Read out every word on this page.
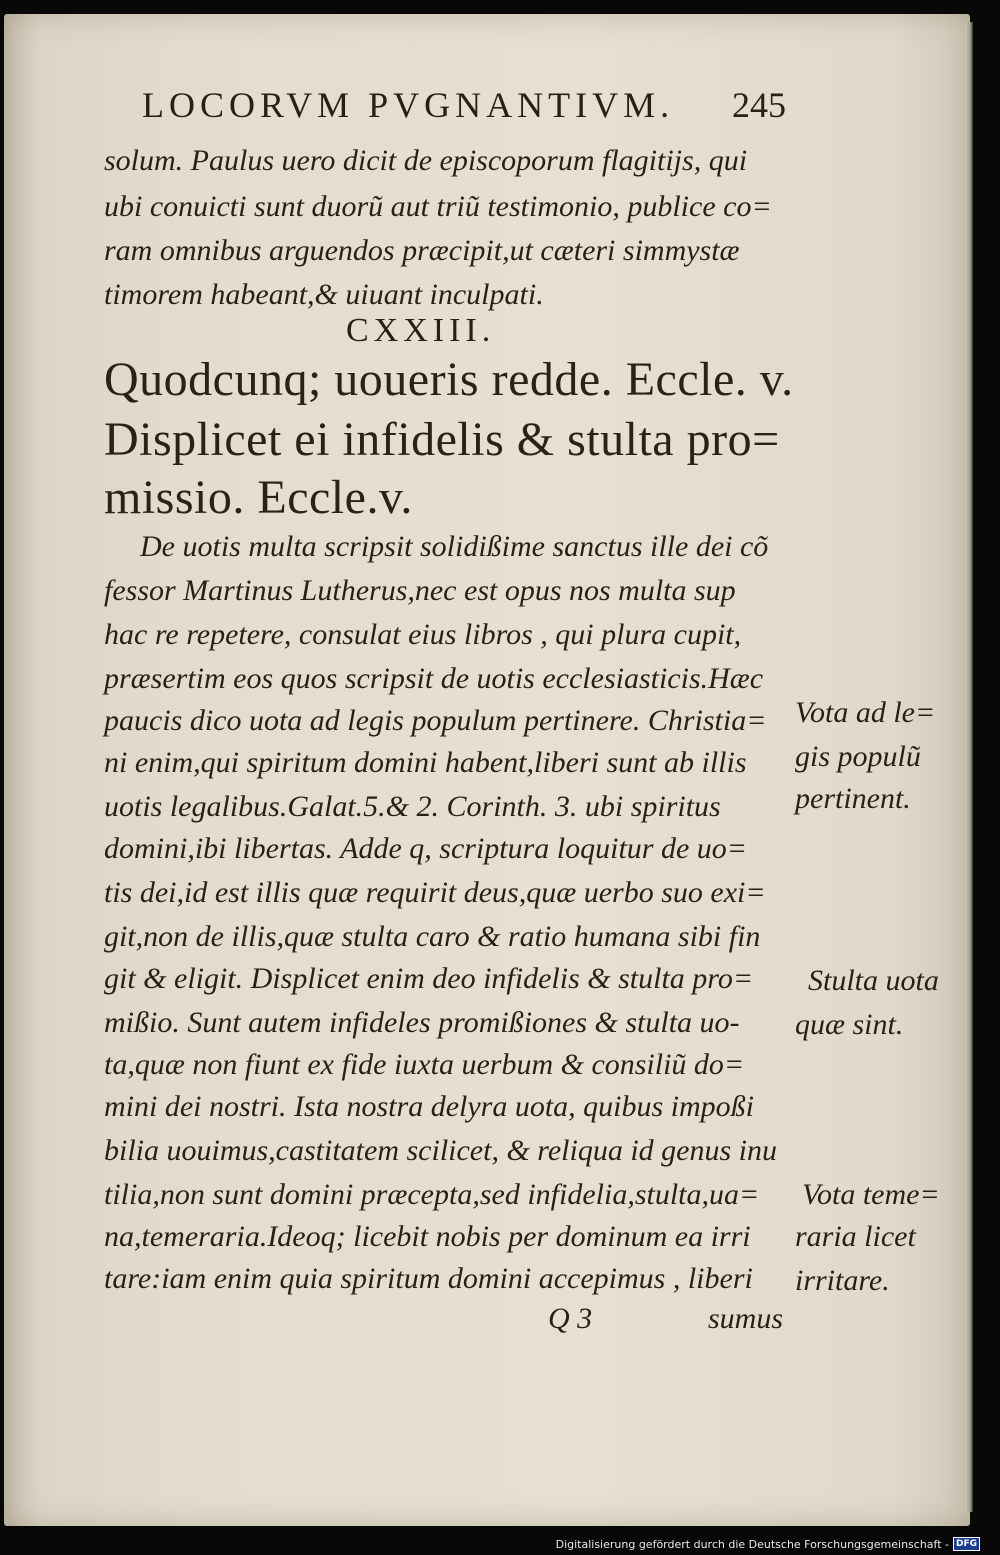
LOCORVM PVGNANTIVM. 245
solum. Paulus uero dicit de episcoporum flagitijs, qui
ubi conuicti sunt duorũ aut triũ testimonio, publice co=
ram omnibus arguendos præcipit,ut cæteri simmystæ
timorem habeant,& uiuant inculpati.
CXXIII.
Quodcunq; uoueris redde. Eccle. v.
Displicet ei infidelis & stulta pro=
missio. Eccle.v.
De uotis multa scripsit solidißime sanctus ille dei cõ
fessor Martinus Lutherus,nec est opus nos multa sup
hac re repetere, consulat eius libros , qui plura cupit,
præsertim eos quos scripsit de uotis ecclesiasticis.Hæc
paucis dico uota ad legis populum pertinere. Christia=
ni enim,qui spiritum domini habent,liberi sunt ab illis
uotis legalibus.Galat.5.& 2. Corinth. 3. ubi spiritus
domini,ibi libertas. Adde q, scriptura loquitur de uo=
tis dei,id est illis quæ requirit deus,quæ uerbo suo exi=
git,non de illis,quæ stulta caro & ratio humana sibi fin
git & eligit. Displicet enim deo infidelis & stulta pro=
mißio. Sunt autem infideles promißiones & stulta uo-
ta,quæ non fiunt ex fide iuxta uerbum & consiliũ do=
mini dei nostri. Ista nostra delyra uota, quibus impoßi
bilia uouimus,castitatem scilicet, & reliqua id genus inu
tilia,non sunt domini præcepta,sed infidelia,stulta,ua=
na,temeraria.Ideoq; licebit nobis per dominum ea irri
tare:iam enim quia spiritum domini accepimus , liberi
Vota ad le=
gis populũ
pertinent.
Stulta uota
quæ sint.
Vota teme=
raria licet
irritare.
Q 3	sumus
Digitalisierung gefördert durch die Deutsche Forschungsgemeinschaft - DFG
